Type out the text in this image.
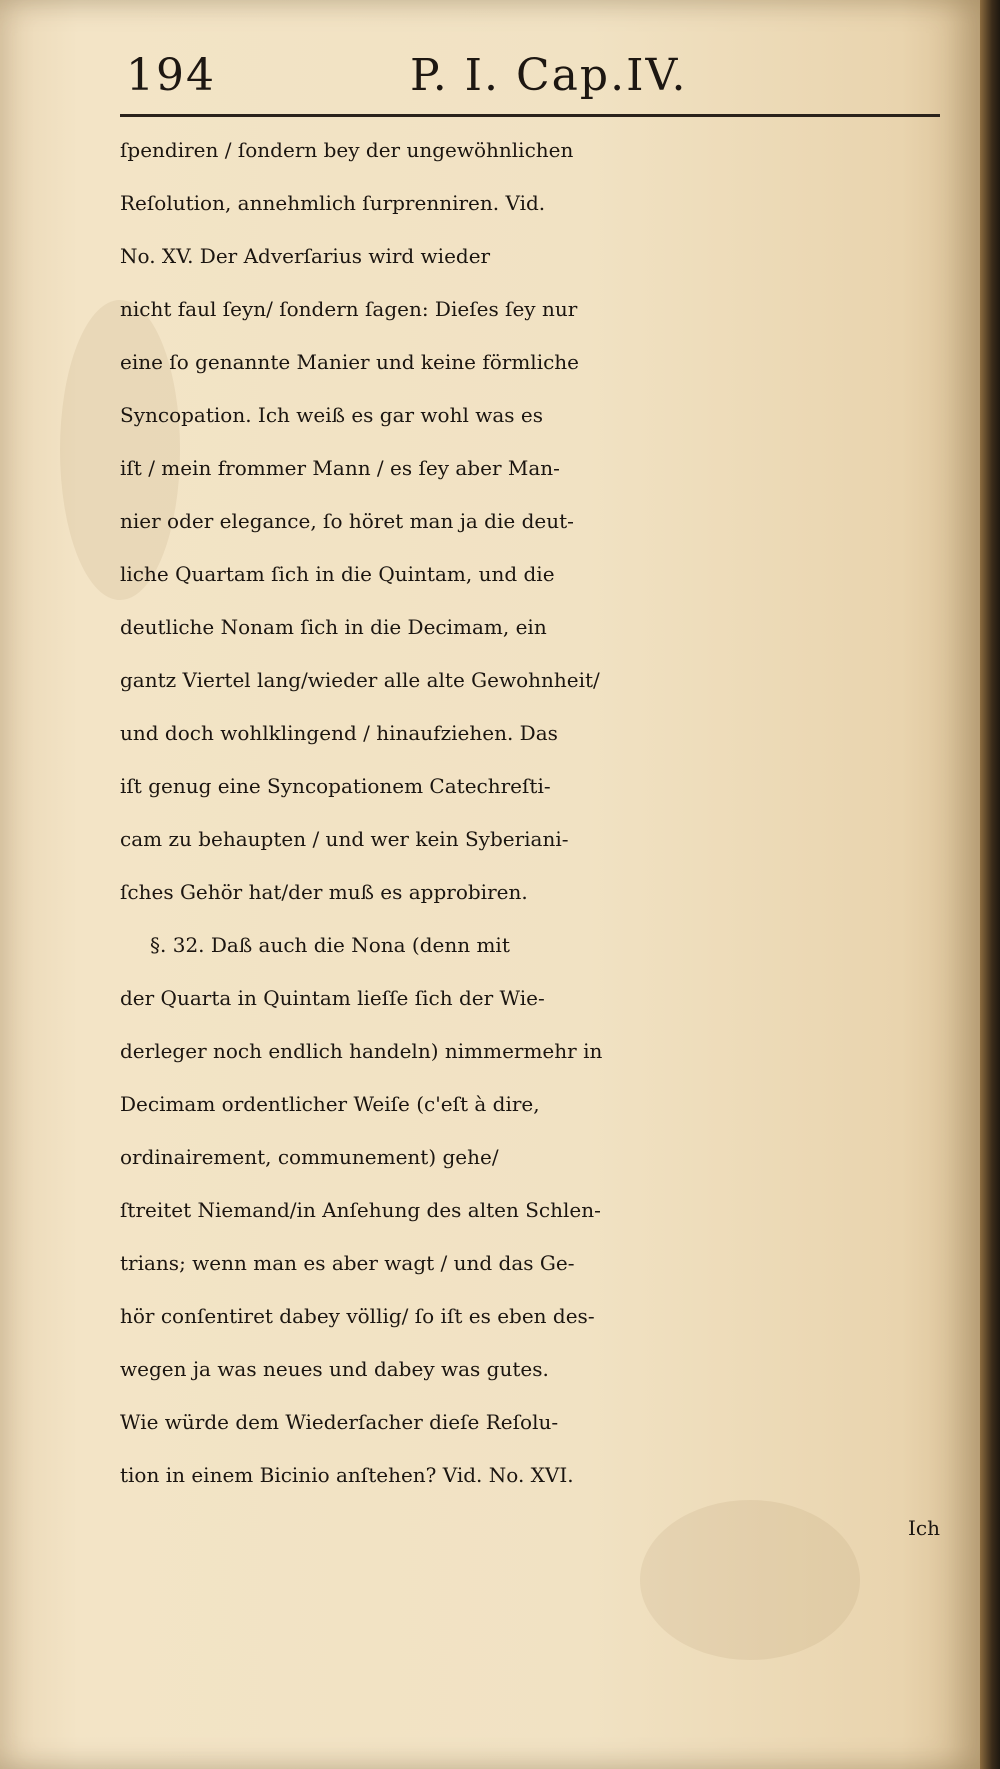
194	P. I. Cap.IV.
ſpendiren / ſondern bey der ungewöhnlichen
Reſolution, annehmlich ſurprenniren. Vid.
No. XV. Der Adverſarius wird wieder
nicht faul ſeyn/ ſondern ſagen: Dieſes ſey nur
eine ſo genannte Manier und keine förmliche
Syncopation. Ich weiß es gar wohl was es
iſt / mein frommer Mann / es ſey aber Man-
nier oder elegance, ſo höret man ja die deut-
liche Quartam ſich in die Quintam, und die
deutliche Nonam ſich in die Decimam, ein
gantz Viertel lang/wieder alle alte Gewohnheit/
und doch wohlklingend / hinaufziehen. Das
iſt genug eine Syncopationem Catechreſti-
cam zu behaupten / und wer kein Syberiani-
ſches Gehör hat/der muß es approbiren.
§. 32. Daß auch die Nona (denn mit
der Quarta in Quintam lieſſe ſich der Wie-
derleger noch endlich handeln) nimmermehr in
Decimam ordentlicher Weiſe (c'eſt à dire,
ordinairement, communement) gehe/
ſtreitet Niemand/in Anſehung des alten Schlen-
trians; wenn man es aber wagt / und das Ge-
hör conſentiret dabey völlig/ ſo iſt es eben des-
wegen ja was neues und dabey was gutes.
Wie würde dem Wiederſacher dieſe Reſolu-
tion in einem Bicinio anſtehen? Vid. No. XVI.
Ich
